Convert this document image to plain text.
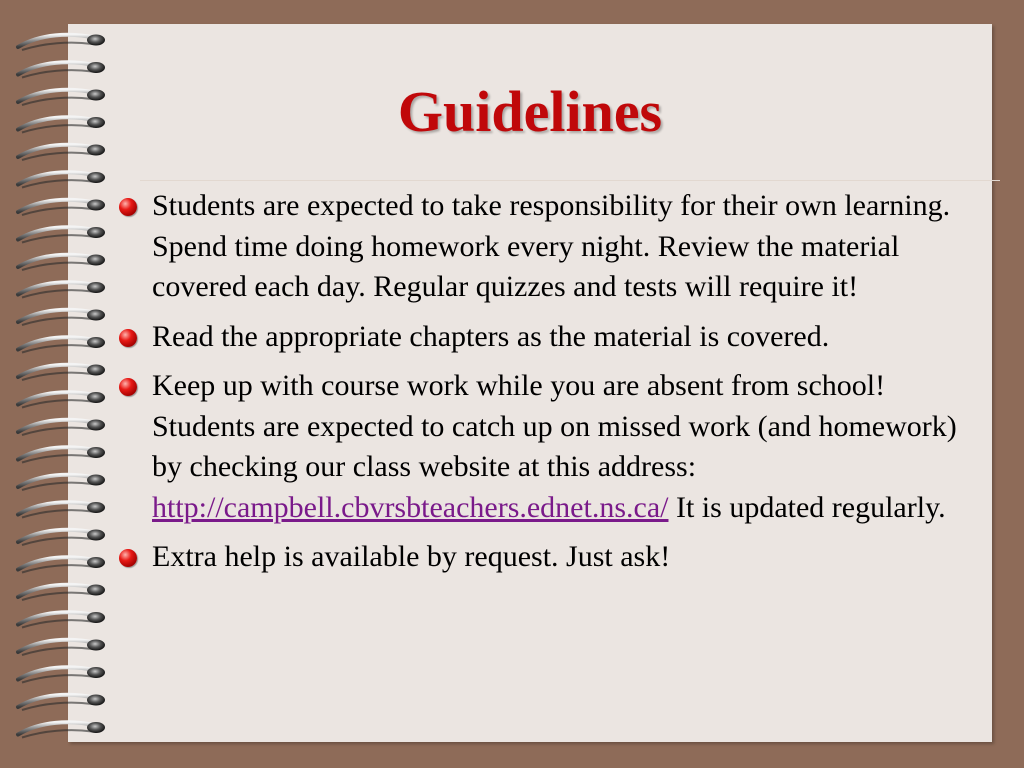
Guidelines
Students are expected to take responsibility for their own learning. Spend time doing homework every night. Review the material covered each day. Regular quizzes and tests will require it!
Read the appropriate chapters as the material is covered.
Keep up with course work while you are absent from school! Students are expected to catch up on missed work (and homework) by checking our class website at this address: http://campbell.cbvrsbteachers.ednet.ns.ca/ It is updated regularly.
Extra help is available by request. Just ask!
